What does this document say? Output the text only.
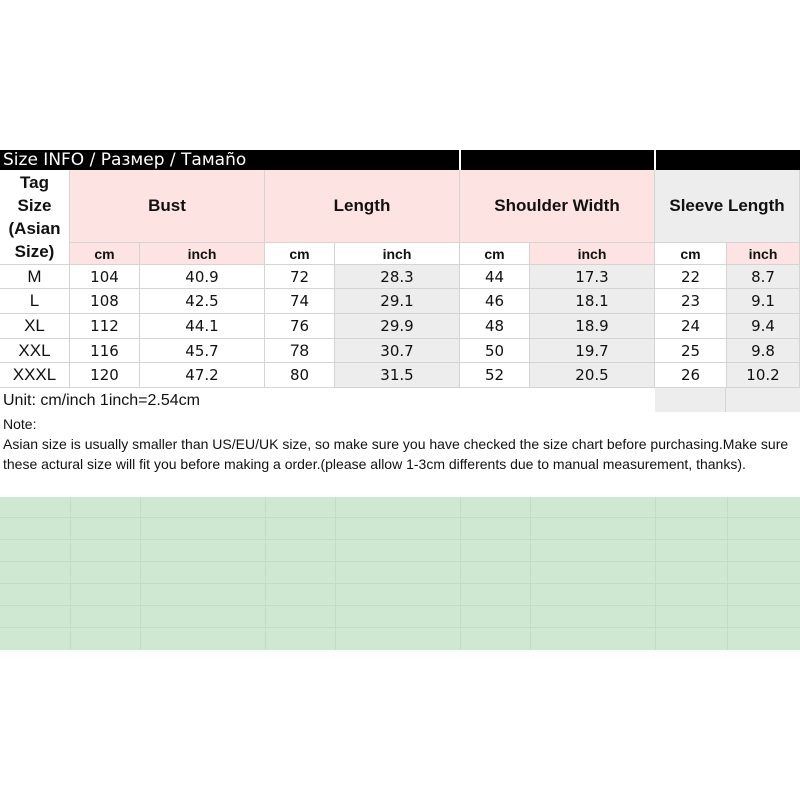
Size INFO / Размер / Тамаño
Tag
Size
(Asian
Size)
Bust	Length	Shoulder Width	Sleeve Length
cm	inch	cm	inch	cm	inch	cm	inch
M	104	40.9	72	28.3	44	17.3	22	8.7
L	108	42.5	74	29.1	46	18.1	23	9.1
XL	112	44.1	76	29.9	48	18.9	24	9.4
XXL	116	45.7	78	30.7	50	19.7	25	9.8
XXXL	120	47.2	80	31.5	52	20.5	26	10.2
Unit: cm/inch 1inch=2.54cm
Note:
Asian size is usually smaller than US/EU/UK size, so make sure you have checked the size chart before purchasing.Make sure these actural size will fit you before making a order.(please allow 1-3cm differents due to manual measurement, thanks).
